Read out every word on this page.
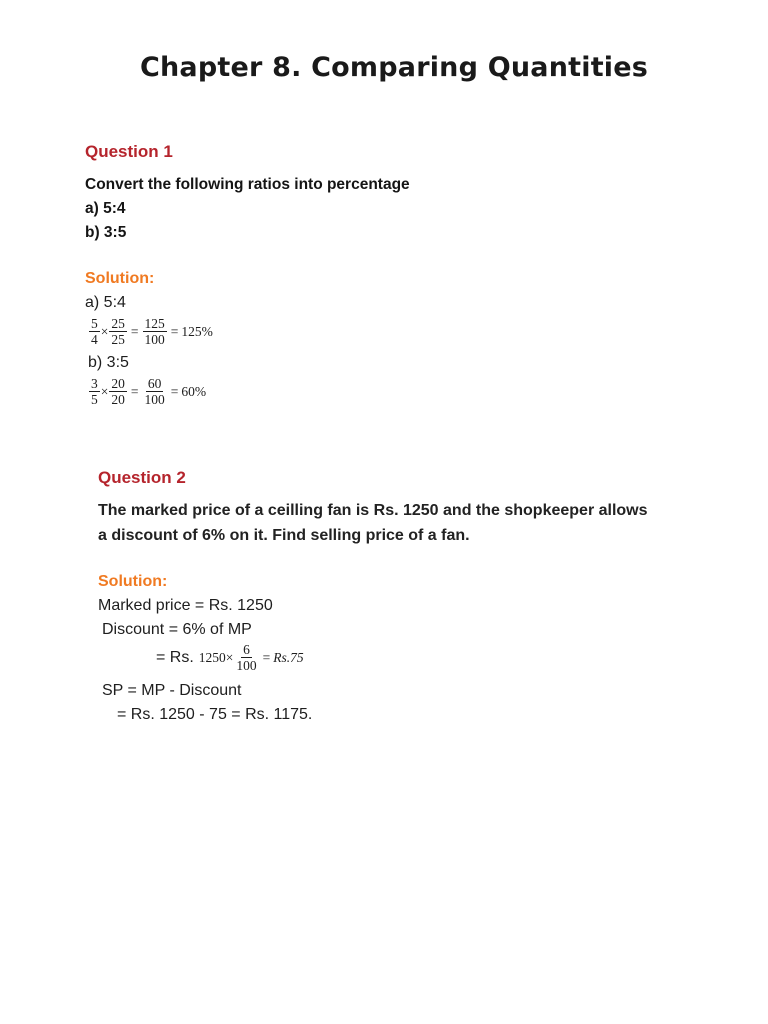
Chapter 8. Comparing Quantities
Question 1
Convert the following ratios into percentage
a) 5:4
b) 3:5
Solution:
a) 5:4
$\frac{5}{4} \times \frac{25}{25} = \frac{125}{100} = 125\%$
b) 3:5
$\frac{3}{5} \times \frac{20}{20} = \frac{60}{100} = 60\%$
Question 2
The marked price of a ceilling fan is Rs. 1250 and the shopkeeper allows a discount of 6% on it. Find selling price of a fan.
Solution:
Marked price = Rs. 1250
Discount = 6% of MP
= Rs. $1250\times \frac{6}{100} = Rs.75$
SP = MP - Discount
= Rs. 1250 - 75 = Rs. 1175.
